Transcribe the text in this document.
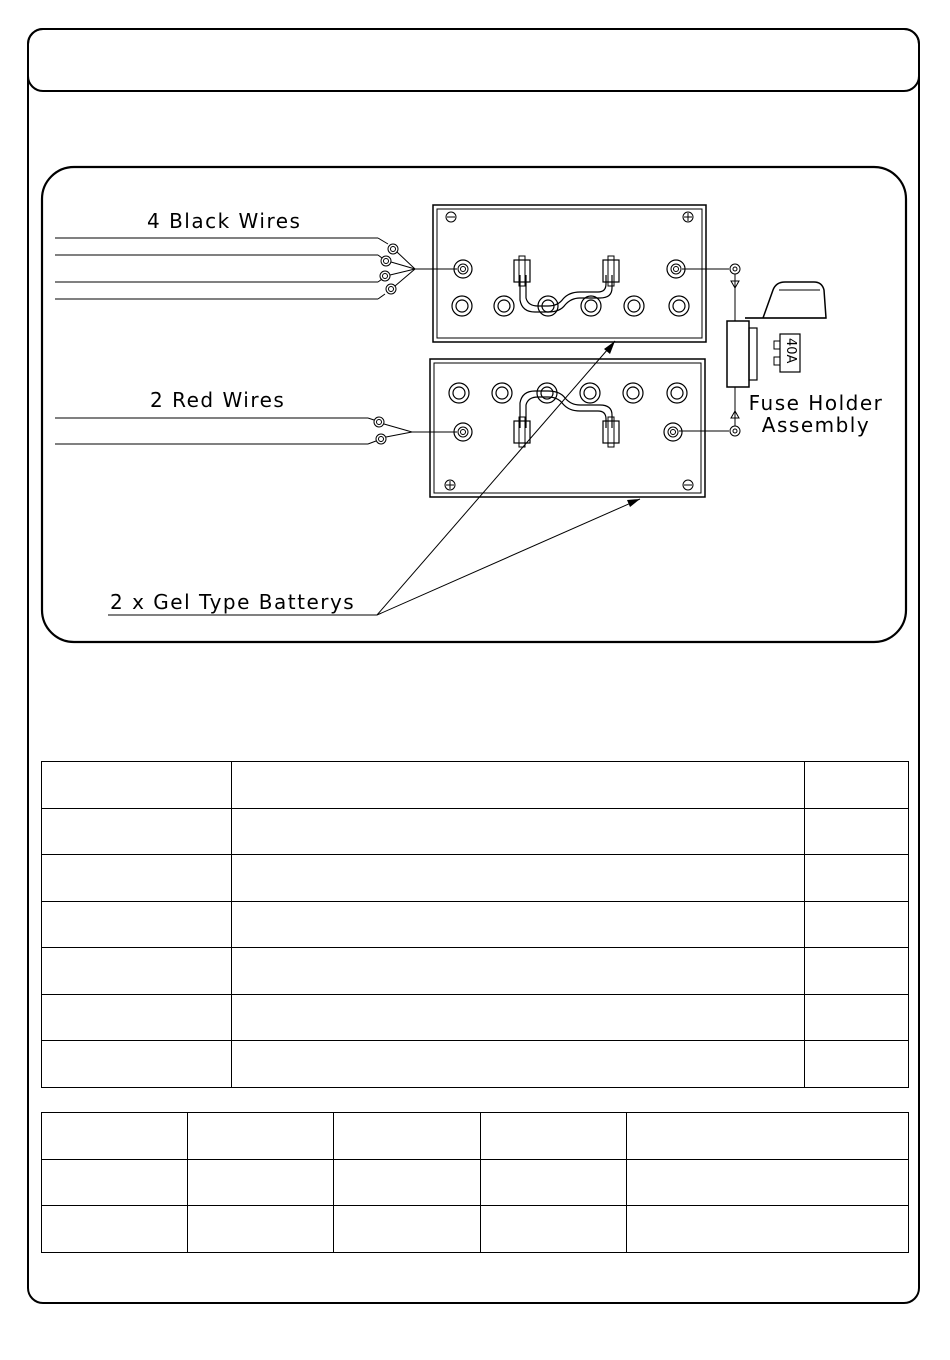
4 Black Wires
2 Red Wires
2 x Gel Type Batterys
Fuse Holder
Assembly
40A
